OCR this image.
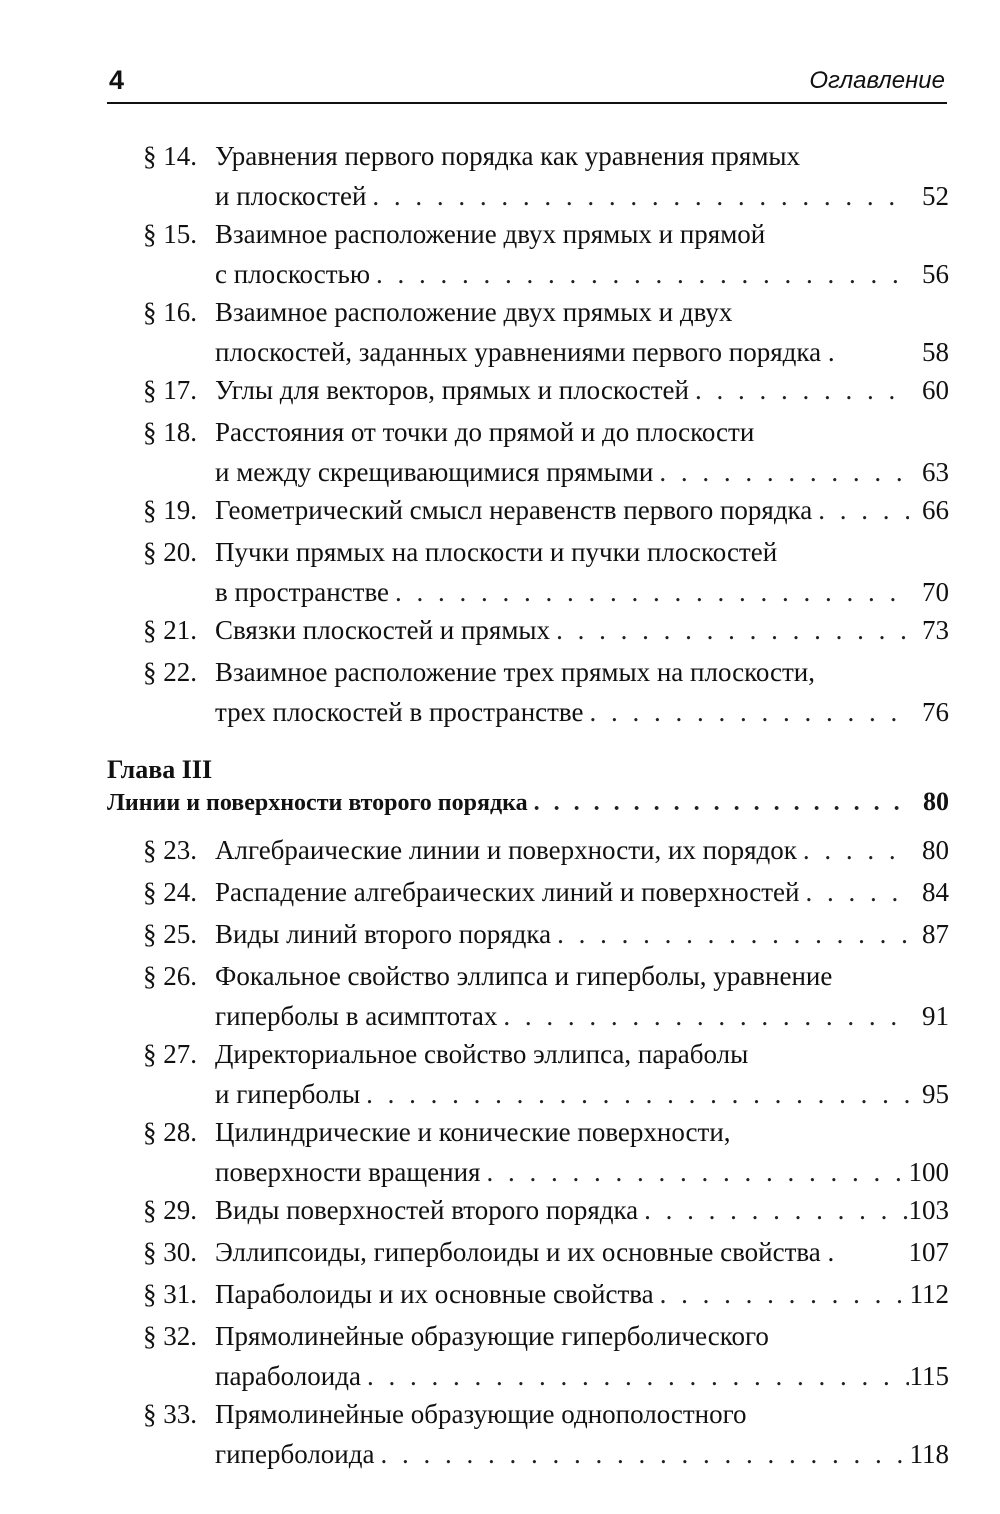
4	Оглавление
§ 14. Уравнения первого порядка как уравнения прямых
и плоскостей . . .	52
§ 15. Взаимное расположение двух прямых и прямой
с плоскостью . . .	56
§ 16. Взаимное расположение двух прямых и двух
плоскостей, заданных уравнениями первого порядка .	58
§ 17. Углы для векторов, прямых и плоскостей . . .	60
§ 18. Расстояния от точки до прямой и до плоскости
и между скрещивающимися прямыми . . .	63
§ 19. Геометрический смысл неравенств первого порядка . . .	66
§ 20. Пучки прямых на плоскости и пучки плоскостей
в пространстве . . .	70
§ 21. Связки плоскостей и прямых . . .	73
§ 22. Взаимное расположение трех прямых на плоскости,
трех плоскостей в пространстве . . .	76
Глава III
Линии и поверхности второго порядка . . .	80
§ 23. Алгебраические линии и поверхности, их порядок . . .	80
§ 24. Распадение алгебраических линий и поверхностей . . .	84
§ 25. Виды линий второго порядка . . .	87
§ 26. Фокальное свойство эллипса и гиперболы, уравнение
гиперболы в асимптотах . . .	91
§ 27. Директориальное свойство эллипса, параболы
и гиперболы . . .	95
§ 28. Цилиндрические и конические поверхности,
поверхности вращения . . .	100
§ 29. Виды поверхностей второго порядка . . .	103
§ 30. Эллипсоиды, гиперболоиды и их основные свойства .	107
§ 31. Параболоиды и их основные свойства . . .	112
§ 32. Прямолинейные образующие гиперболического
параболоида . . .	115
§ 33. Прямолинейные образующие однополостного
гиперболоида . . .	118
